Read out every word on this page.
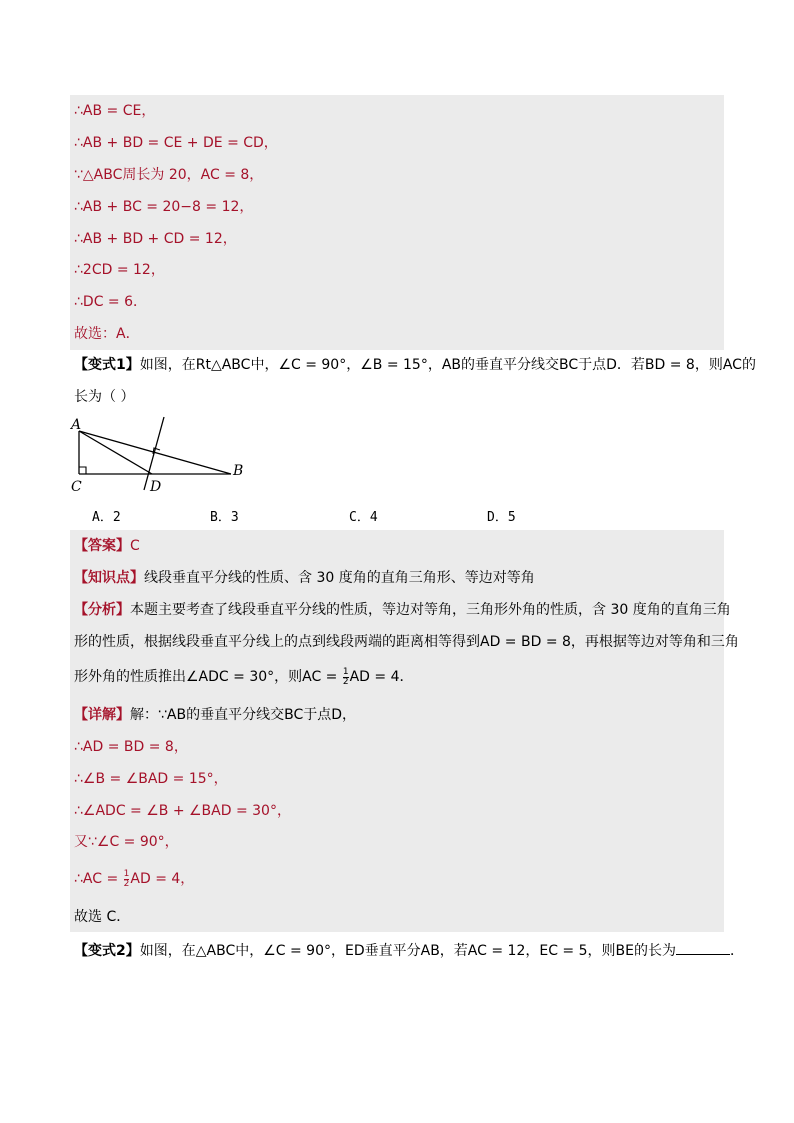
∴AB = CE，
∴AB + BD = CE + DE = CD，
∵△ABC周长为 20，AC = 8，
∴AB + BC = 20−8 = 12，
∴AB + BD + CD = 12，
∴2CD = 12，
∴DC = 6．
故选：A．
【变式1】如图，在Rt△ABC中，∠C = 90°，∠B = 15°，AB的垂直平分线交BC于点D．若BD = 8，则AC的
长为（ ）
A
B
C	D
A．2	B．3	C．4	D．5
【答案】C
【知识点】线段垂直平分线的性质、含 30 度角的直角三角形、等边对等角
【分析】本题主要考查了线段垂直平分线的性质，等边对等角，三角形外角的性质，含 30 度角的直角三角
形的性质，根据线段垂直平分线上的点到线段两端的距离相等得到AD = BD = 8，再根据等边对等角和三角
形外角的性质推出∠ADC = 30°，则AC = $\frac{1}{2}$ AD = 4．
【详解】解：∵AB的垂直平分线交BC于点D，
∴AD = BD = 8，
∴∠B = ∠BAD = 15°，
∴∠ADC = ∠B + ∠BAD = 30°，
又∵∠C = 90°，
∴AC = $\frac{1}{2}$ AD = 4，
故选 C．
【变式2】如图，在△ABC中，∠C = 90°，ED垂直平分AB，若AC = 12，EC = 5，则BE的长为	．
